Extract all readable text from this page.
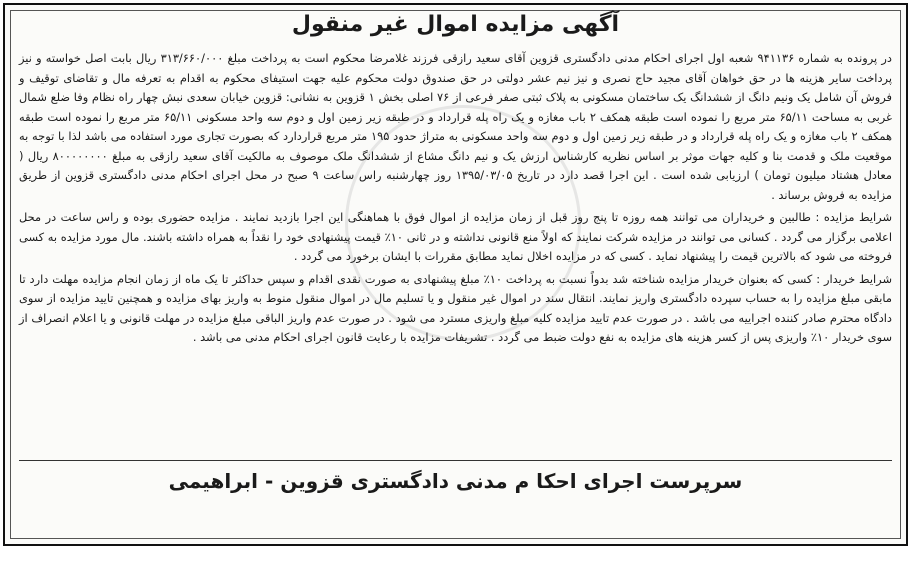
آگهی مزایده اموال غیر منقول

در پرونده به شماره ۹۴۱۱۳۶ شعبه اول اجرای احکام مدنی دادگستری قزوین آقای سعید رازقی فرزند غلامرضا محکوم است به پرداخت مبلغ ۳۱۳/۶۶۰/۰۰۰ ریال بابت اصل خواسته و نیز پرداخت سایر هزینه ها در حق خواهان آقای مجید حاج نصری و نیز نیم عشر دولتی در حق صندوق دولت محکوم علیه جهت استیفای محکوم به اقدام به تعرفه مال و تقاضای توقیف و فروش آن شامل یک ونیم دانگ از ششدانگ یک ساختمان مسکونی به پلاک ثبتی صفر فرعی از ۷۶ اصلی بخش ۱ قزوین به نشانی: قزوین خیابان سعدی نبش چهار راه نظام وفا ضلع شمال غربی به مساحت ۶۵/۱۱ متر مربع را نموده است طبقه همکف ۲ باب مغازه و یک راه پله قرارداد و در طبقه زیر زمین اول و دوم سه واحد مسکونی ۶۵/۱۱ متر مربع را نموده است طبقه همکف ۲ باب مغازه و یک راه پله قرارداد و در طبقه زیر زمین اول و دوم سه واحد مسکونی به متراژ حدود ۱۹۵ متر مربع قراردارد که بصورت تجاری مورد استفاده می باشد لذا با توجه به موقعیت ملک و قدمت بنا و کلیه جهات موثر بر اساس نظریه کارشناس ارزش یک و نیم دانگ مشاع از ششدانگ ملک موصوف به مالکیت آقای سعید رازقی به مبلغ ۸۰۰۰۰۰۰۰۰ ریال ( معادل هشتاد میلیون تومان ) ارزیابی شده است . این اجرا قصد دارد در تاریخ ۱۳۹۵/۰۳/۰۵ روز چهارشنبه راس ساعت ۹ صبح در محل اجرای احکام مدنی دادگستری قزوین از طریق مزایده به فروش برساند .

شرایط مزایده : طالبین و خریداران می توانند همه روزه تا پنج روز قبل از زمان مزایده از اموال فوق با هماهنگی این اجرا بازدید نمایند . مزایده حضوری بوده و راس ساعت در محل اعلامی برگزار می گردد . کسانی می توانند در مزایده شرکت نمایند که اولاً منع قانونی نداشته و در ثانی ۱۰٪ قیمت پیشنهادی خود را نقداً به همراه داشته باشند. مال مورد مزایده به کسی فروخته می شود که بالاترین قیمت را پیشنهاد نماید . کسی که در مزایده اخلال نماید مطابق مقررات با ایشان برخورد می گردد .

شرایط خریدار : کسی که بعنوان خریدار مزایده شناخته شد بدواً نسبت به پرداخت ۱۰٪ مبلغ پیشنهادی به صورت نقدی اقدام و سپس حداکثر تا یک ماه از زمان انجام مزایده مهلت دارد تا مابقی مبلغ مزایده را به حساب سپرده دادگستری واریز نمایند. انتقال سند در اموال غیر منقول و یا تسلیم مال در اموال منقول منوط به واریز بهای مزایده و همچنین تایید مزایده از سوی دادگاه محترم صادر کننده اجراییه می باشد . در صورت عدم تایید مزایده کلیه مبلغ واریزی مسترد می شود . در صورت عدم واریز الباقی مبلغ مزایده در مهلت قانونی و یا اعلام انصراف از سوی خریدار ۱۰٪ واریزی پس از کسر هزینه های مزایده به نفع دولت ضبط می گردد . تشریفات مزایده با رعایت قانون اجرای احکام مدنی می باشد .

سرپرست اجرای احکا م مدنی دادگستری قزوین - ابراهیمی
